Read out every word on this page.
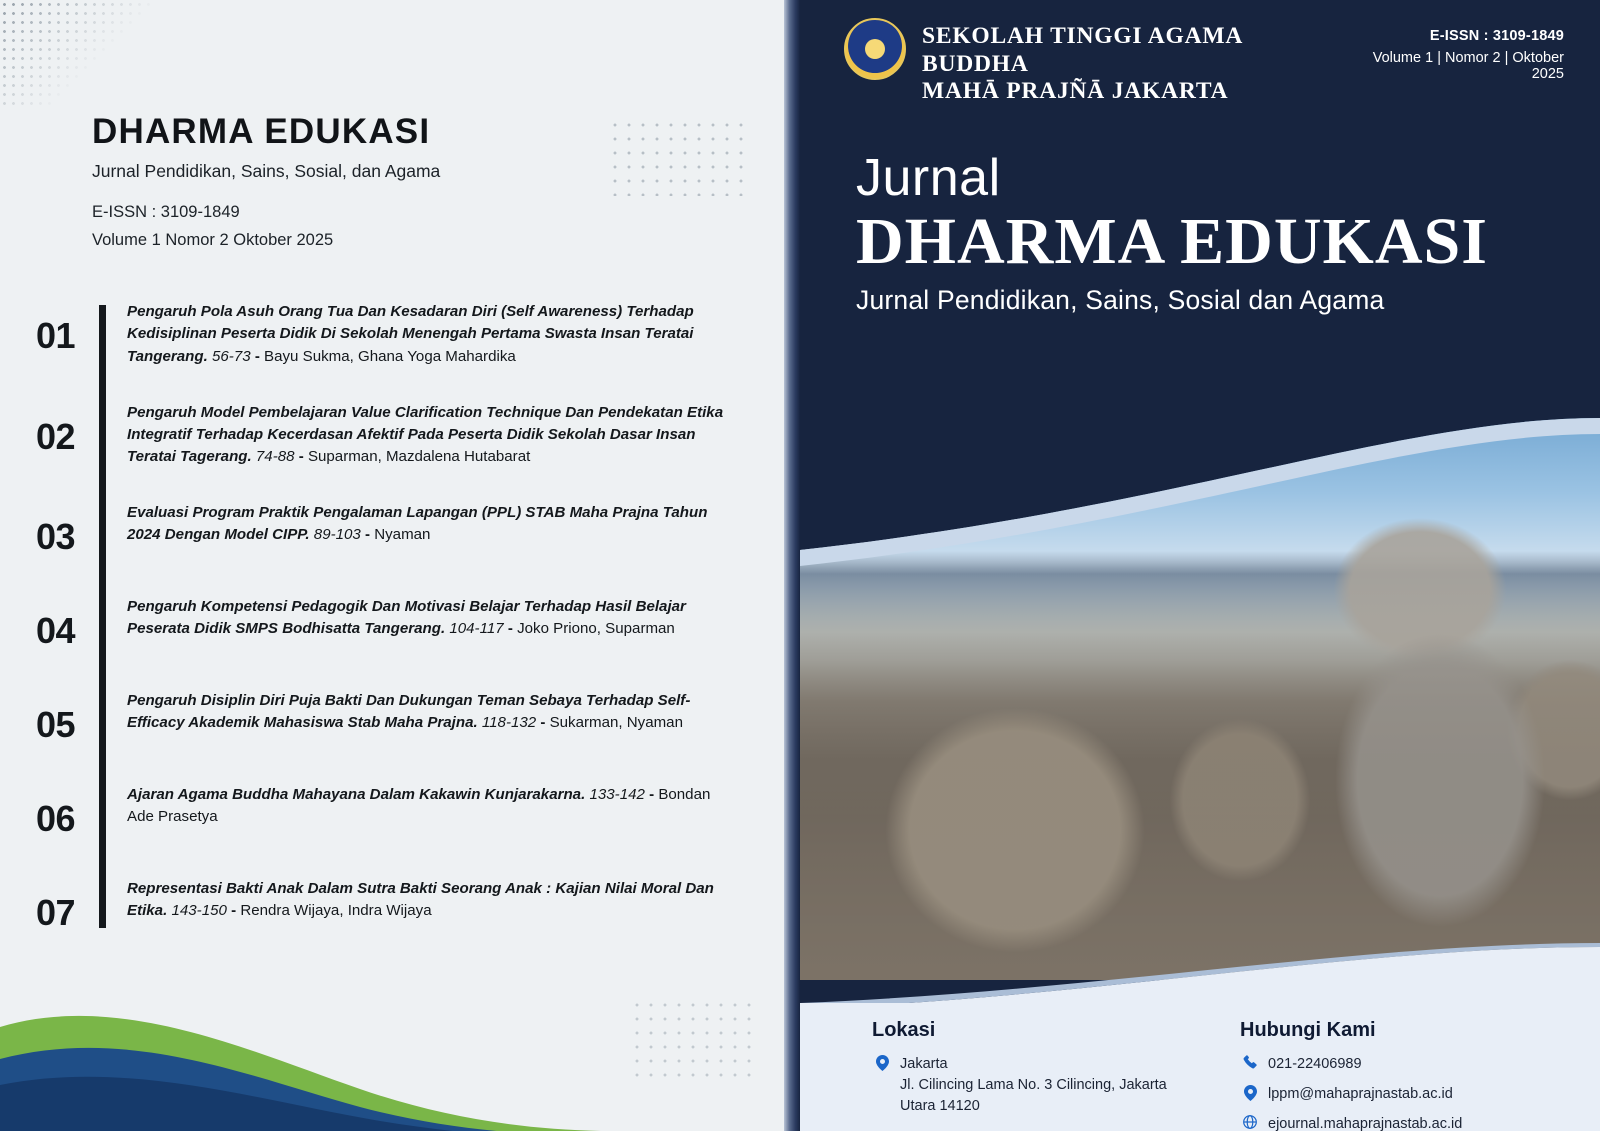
DHARMA EDUKASI
Jurnal Pendidikan, Sains, Sosial, dan Agama
E-ISSN : 3109-1849
Volume 1 Nomor 2 Oktober 2025
01
Pengaruh Pola Asuh Orang Tua Dan Kesadaran Diri (Self Awareness) Terhadap Kedisiplinan Peserta Didik Di Sekolah Menengah Pertama Swasta Insan Teratai Tangerang. 56-73 - Bayu Sukma, Ghana Yoga Mahardika
02
Pengaruh Model Pembelajaran Value Clarification Technique Dan Pendekatan Etika Integratif Terhadap Kecerdasan Afektif Pada Peserta Didik Sekolah Dasar Insan Teratai Tagerang. 74-88 - Suparman, Mazdalena Hutabarat
03
Evaluasi Program Praktik Pengalaman Lapangan (PPL) STAB Maha Prajna Tahun 2024 Dengan Model CIPP. 89-103 - Nyaman
04
Pengaruh Kompetensi Pedagogik Dan Motivasi Belajar Terhadap Hasil Belajar Peserata Didik SMPS Bodhisatta Tangerang. 104-117 - Joko Priono, Suparman
05
Pengaruh Disiplin Diri Puja Bakti Dan Dukungan Teman Sebaya Terhadap Self-Efficacy Akademik Mahasiswa Stab Maha Prajna. 118-132 - Sukarman, Nyaman
06
Ajaran Agama Buddha Mahayana Dalam Kakawin Kunjarakarna. 133-142 - Bondan Ade Prasetya
07
Representasi Bakti Anak Dalam Sutra Bakti Seorang Anak : Kajian Nilai Moral Dan Etika. 143-150 - Rendra Wijaya, Indra Wijaya
SEKOLAH TINGGI AGAMA BUDDHA
MAHĀ PRAJÑĀ JAKARTA
E-ISSN : 3109-1849
Volume 1 | Nomor 2 | Oktober 2025
Jurnal
DHARMA EDUKASI
Jurnal Pendidikan, Sains, Sosial dan Agama
Lokasi
Jakarta
Jl. Cilincing Lama No. 3 Cilincing, Jakarta Utara 14120
Hubungi Kami
021-22406989
lppm@mahaprajnastab.ac.id
ejournal.mahaprajnastab.ac.id
